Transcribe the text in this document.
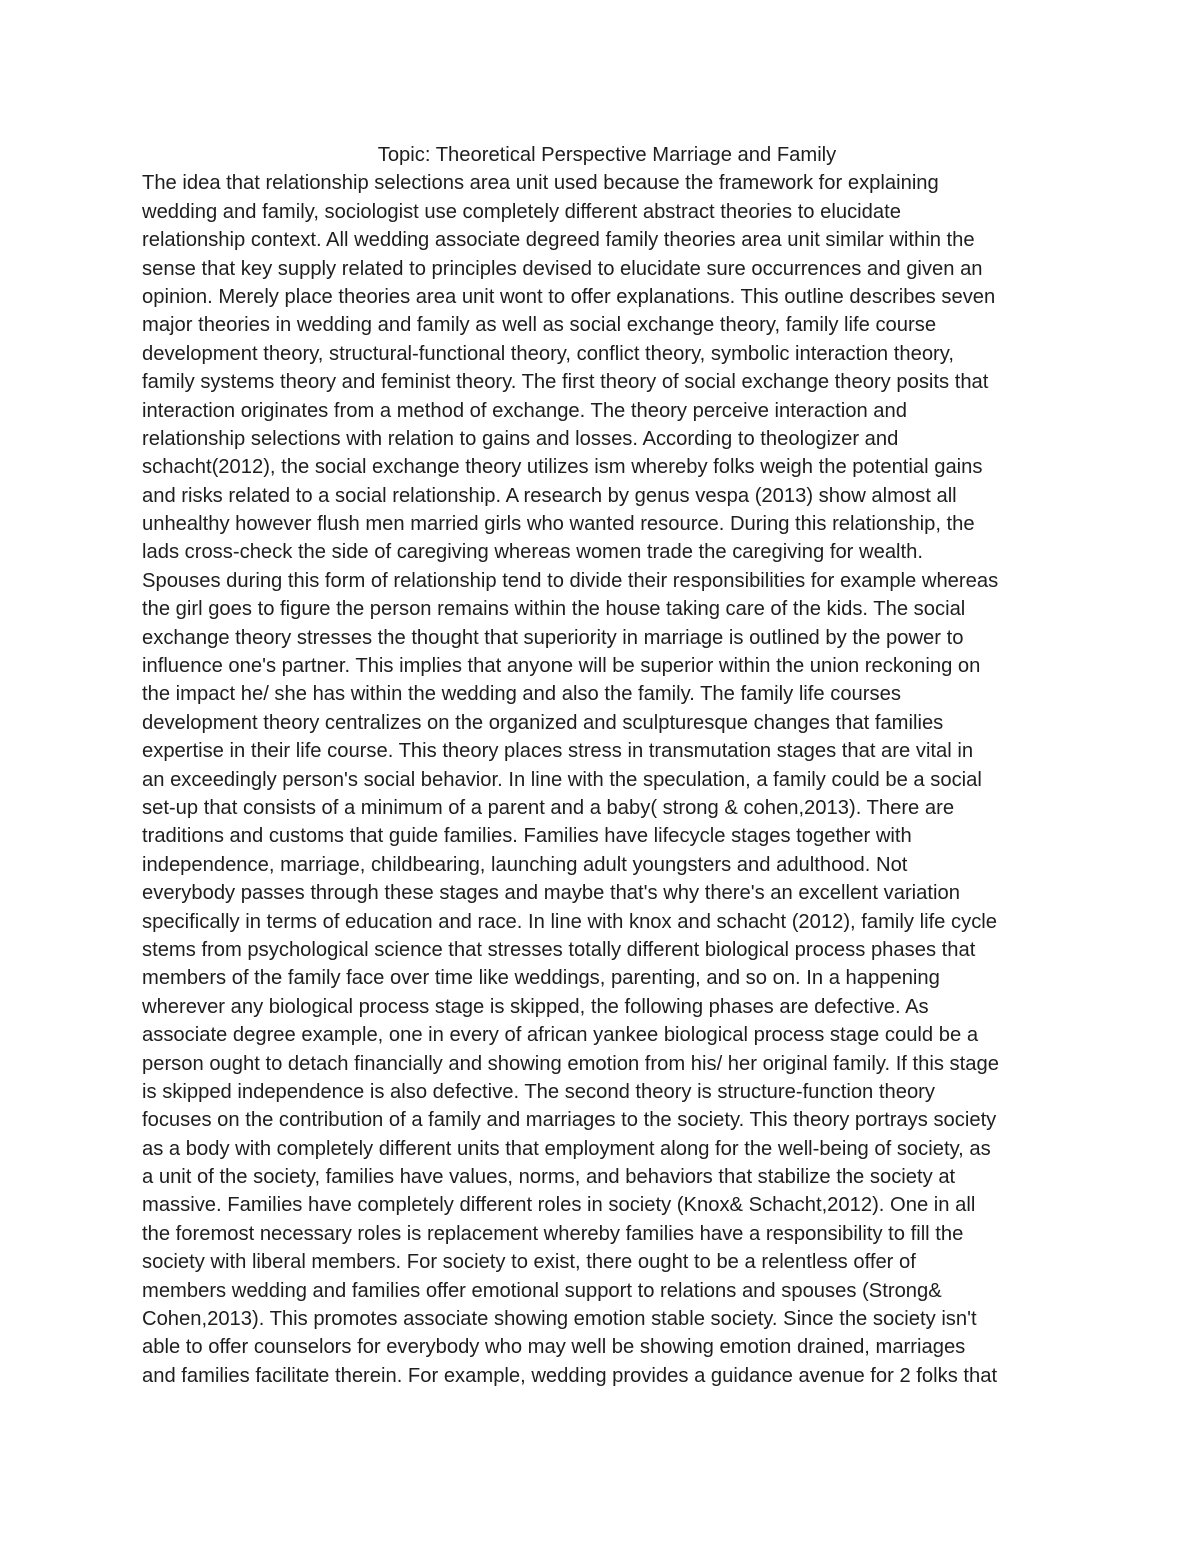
Topic: Theoretical Perspective Marriage and Family
The idea that relationship selections area unit used because the framework for explaining
wedding and family, sociologist use completely different abstract theories to elucidate
relationship context. All wedding associate degreed family theories area unit similar within the
sense that key supply related to principles devised to elucidate sure occurrences and given an
opinion. Merely place theories area unit wont to offer explanations. This outline describes seven
major theories in wedding and family as well as social exchange theory, family life course
development theory, structural-functional theory, conflict theory, symbolic interaction theory,
family systems theory and feminist theory. The first theory of social exchange theory posits that
interaction originates from a method of exchange. The theory perceive interaction and
relationship selections with relation to gains and losses. According to theologizer and
schacht(2012), the social exchange theory utilizes ism whereby folks weigh the potential gains
and risks related to a social relationship. A research by genus vespa (2013) show almost all
unhealthy however flush men married girls who wanted resource. During this relationship, the
lads cross-check the side of caregiving whereas women trade the caregiving for wealth.
Spouses during this form of relationship tend to divide their responsibilities for example whereas
the girl goes to figure the person remains within the house taking care of the kids. The social
exchange theory stresses the thought that superiority in marriage is outlined by the power to
influence one's partner. This implies that anyone will be superior within the union reckoning on
the impact he/ she has within the wedding and also the family. The family life courses
development theory centralizes on the organized and sculpturesque changes that families
expertise in their life course. This theory places stress in transmutation stages that are vital in
an exceedingly person's social behavior. In line with the speculation, a family could be a social
set-up that consists of a minimum of a parent and a baby( strong & cohen,2013). There are
traditions and customs that guide families. Families have lifecycle stages together with
independence, marriage, childbearing, launching adult youngsters and adulthood. Not
everybody passes through these stages and maybe that's why there's an excellent variation
specifically in terms of education and race. In line with knox and schacht (2012), family life cycle
stems from psychological science that stresses totally different biological process phases that
members of the family face over time like weddings, parenting, and so on. In a happening
wherever any biological process stage is skipped, the following phases are defective. As
associate degree example, one in every of african yankee biological process stage could be a
person ought to detach financially and showing emotion from his/ her original family. If this stage
is skipped independence is also defective. The second theory is structure-function theory
focuses on the contribution of a family and marriages to the society. This theory portrays society
as a body with completely different units that employment along for the well-being of society, as
a unit of the society, families have values, norms, and behaviors that stabilize the society at
massive. Families have completely different roles in society (Knox& Schacht,2012). One in all
the foremost necessary roles is replacement whereby families have a responsibility to fill the
society with liberal members. For society to exist, there ought to be a relentless offer of
members wedding and families offer emotional support to relations and spouses (Strong&
Cohen,2013). This promotes associate showing emotion stable society. Since the society isn't
able to offer counselors for everybody who may well be showing emotion drained, marriages
and families facilitate therein. For example, wedding provides a guidance avenue for 2 folks that
